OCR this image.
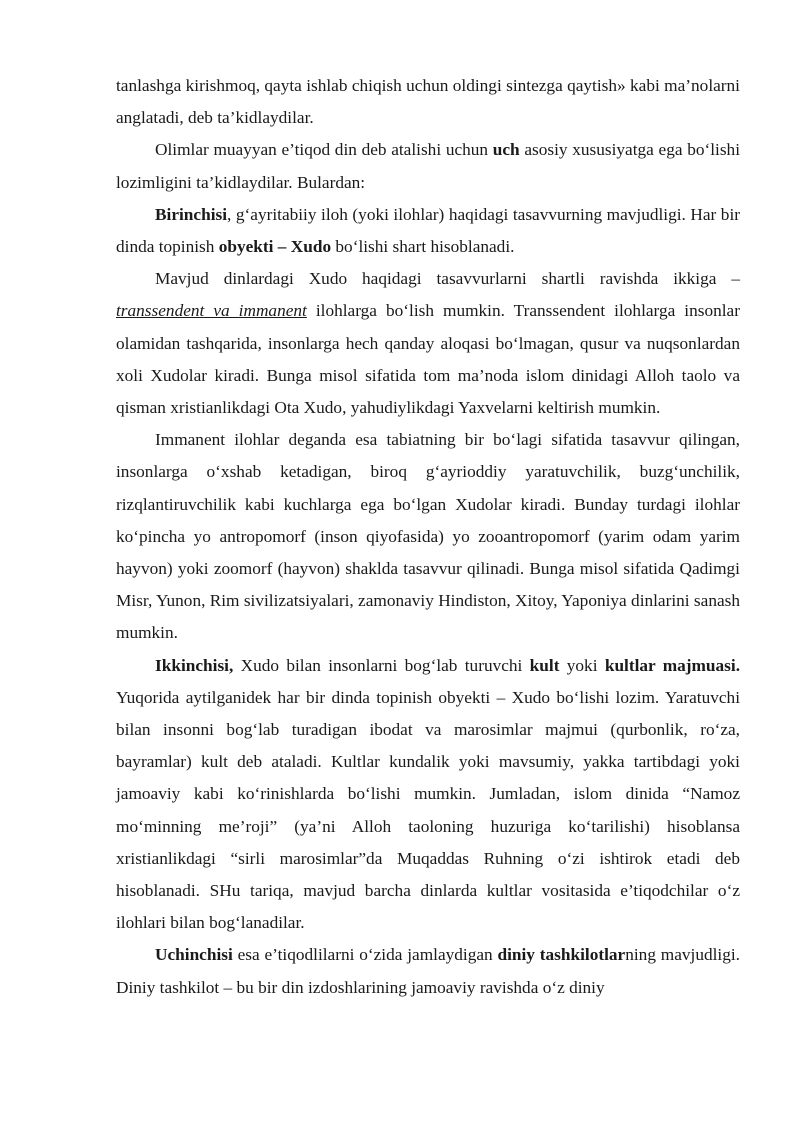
tanlashga kirishmoq, qayta ishlab chiqish uchun oldingi sintezga qaytish» kabi ma’nolarni anglatadi, deb ta’kidlaydilar.

Olimlar muayyan e’tiqod din deb atalishi uchun uch asosiy xususiyatga ega bo‘lishi lozimligini ta’kidlaydilar. Bulardan:

Birinchisi, g‘ayritabiiy iloh (yoki ilohlar) haqidagi tasavvurning mavjudligi. Har bir dinda topinish obyekti – Xudo bo‘lishi shart hisoblanadi.

Mavjud dinlardagi Xudo haqidagi tasavvurlarni shartli ravishda ikkiga – transsendent va immanent ilohlarga bo‘lish mumkin. Transsendent ilohlarga insonlar olamidan tashqarida, insonlarga hech qanday aloqasi bo‘lmagan, qusur va nuqsonlardan xoli Xudolar kiradi. Bunga misol sifatida tom ma’noda islom dinidagi Alloh taolo va qisman xristianlikdagi Ota Xudo, yahudiylikdagi Yaxvelarni keltirish mumkin.

Immanent ilohlar deganda esa tabiatning bir bo‘lagi sifatida tasavvur qilingan, insonlarga o‘xshab ketadigan, biroq g‘ayrioddiy yaratuvchilik, buzg‘unchilik, rizqlantiruvchilik kabi kuchlarga ega bo‘lgan Xudolar kiradi. Bunday turdagi ilohlar ko‘pincha yo antropomorf (inson qiyofasida) yo zooantropomorf (yarim odam yarim hayvon) yoki zoomorf (hayvon) shaklda tasavvur qilinadi. Bunga misol sifatida Qadimgi Misr, Yunon, Rim sivilizatsiyalari, zamonaviy Hindiston, Xitoy, Yaponiya dinlarini sanash mumkin.

Ikkinchisi, Xudo bilan insonlarni bog‘lab turuvchi kult yoki kultlar majmuasi. Yuqorida aytilganidek har bir dinda topinish obyekti – Xudo bo‘lishi lozim. Yaratuvchi bilan insonni bog‘lab turadigan ibodat va marosimlar majmui (qurbonlik, ro‘za, bayramlar) kult deb ataladi. Kultlar kundalik yoki mavsumiy, yakka tartibdagi yoki jamoaviy kabi ko‘rinishlarda bo‘lishi mumkin. Jumladan, islom dinida “Namoz mo‘minning me’roji” (ya’ni Alloh taoloning huzuriga ko‘tarilishi) hisoblansa xristianlikdagi “sirli marosimlar”da Muqaddas Ruhning o‘zi ishtirok etadi deb hisoblanadi. SHu tariqa, mavjud barcha dinlarda kultlar vositasida e’tiqodchilar o‘z ilohlari bilan bog‘lanadilar.

Uchinchisi esa e’tiqodlilarni o‘zida jamlaydigan diniy tashkilotlarning mavjudligi. Diniy tashkilot – bu bir din izdoshlarining jamoaviy ravishda o‘z diniy
